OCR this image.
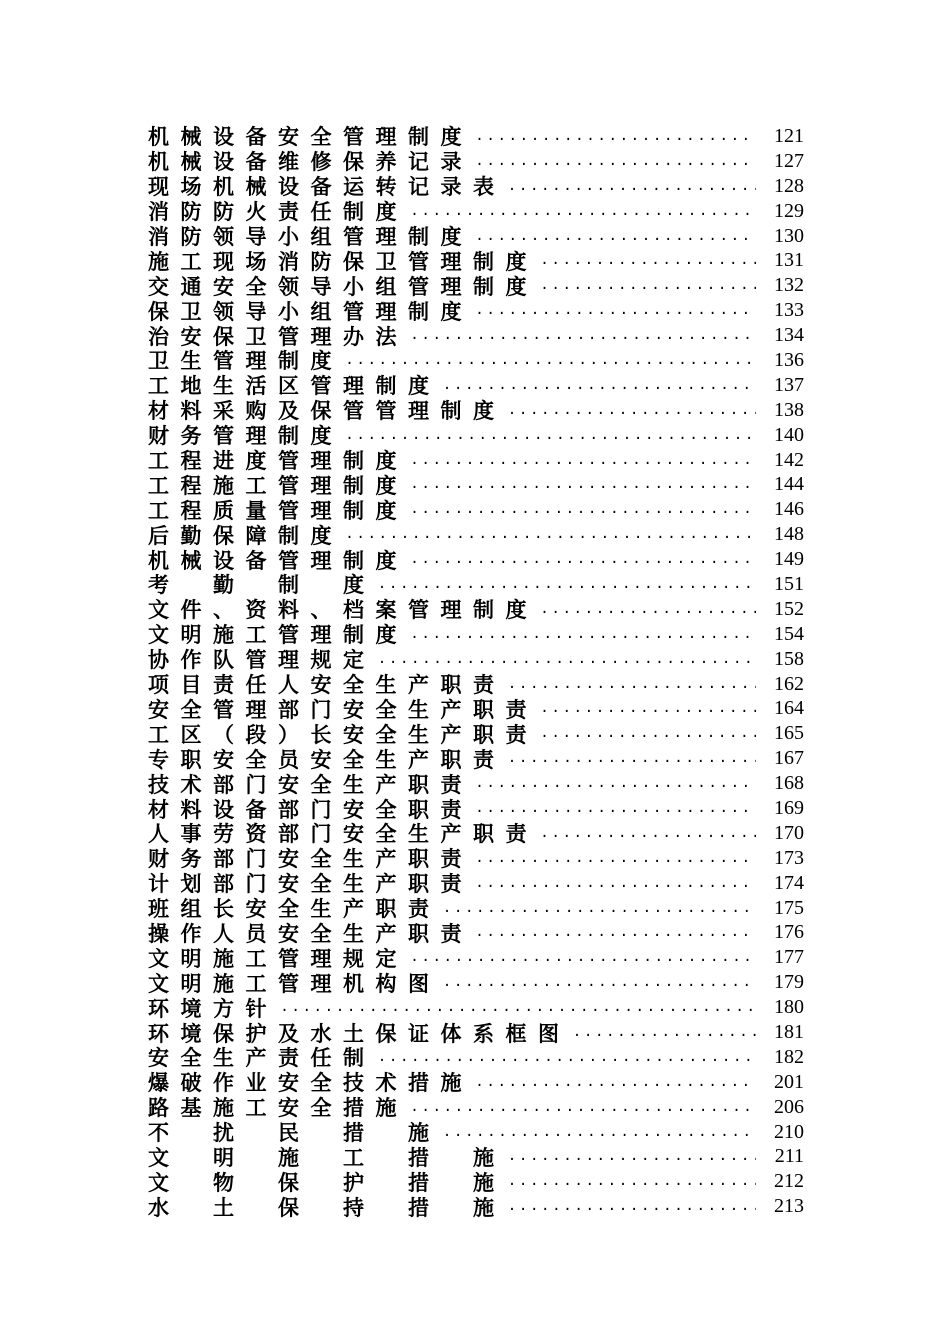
机械设备安全管理制度 .....	121
机械设备维修保养记录 .....	127
现场机械设备运转记录表 .....	128
消防防火责任制度 .....	129
消防领导小组管理制度 .....	130
施工现场消防保卫管理制度 .....	131
交通安全领导小组管理制度 .....	132
保卫领导小组管理制度 .....	133
治安保卫管理办法 .....	134
卫生管理制度 .....	136
工地生活区管理制度 .....	137
材料采购及保管管理制度 .....	138
财务管理制度 .....	140
工程进度管理制度 .....	142
工程施工管理制度 .....	144
工程质量管理制度 .....	146
后勤保障制度 .....	148
机械设备管理制度 .....	149
考　勤　制　度 .....	151
文件、资料、档案管理制度 .....	152
文明施工管理制度 .....	154
协作队管理规定 .....	158
项目责任人安全生产职责 .....	162
安全管理部门安全生产职责 .....	164
工区（段）长安全生产职责 .....	165
专职安全员安全生产职责 .....	167
技术部门安全生产职责 .....	168
材料设备部门安全职责 .....	169
人事劳资部门安全生产职责 .....	170
财务部门安全生产职责 .....	173
计划部门安全生产职责 .....	174
班组长安全生产职责 .....	175
操作人员安全生产职责 .....	176
文明施工管理规定 .....	177
文明施工管理机构图 .....	179
环境方针 .....	180
环境保护及水土保证体系框图 .....	181
安全生产责任制 .....	182
爆破作业安全技术措施 .....	201
路基施工安全措施 .....	206
不　扰　民　措　施 .....	210
文　明　施　工　措　施 .....	211
文　物　保　护　措　施 .....	212
水　土　保　持　措　施 .....	213
